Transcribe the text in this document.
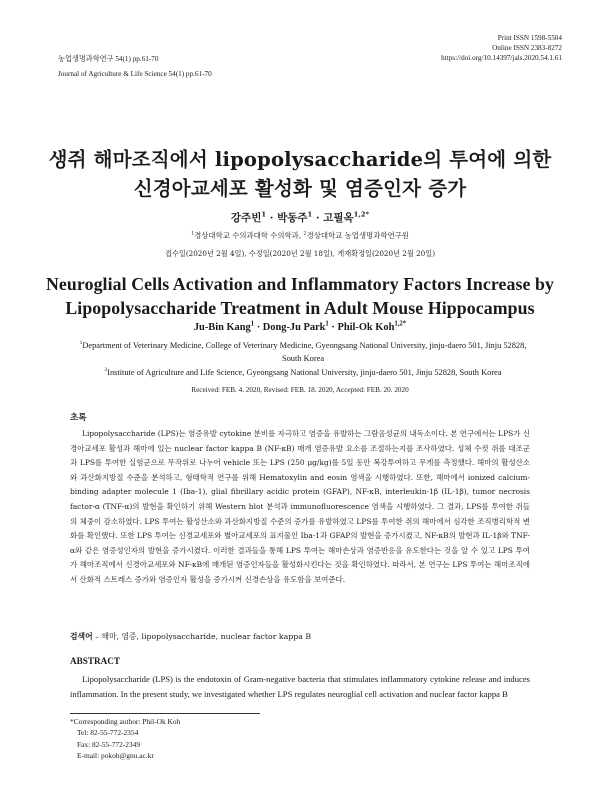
Print ISSN 1598-5504
Online ISSN 2383-8272
https://doi.org/10.14397/jals.2020.54.1.61
농업생명과학연구 54(1) pp.61-70
Journal of Agriculture & Life Science 54(1) pp.61-70
생쥐 해마조직에서 lipopolysaccharide의 투여에 의한
신경아교세포 활성화 및 염증인자 증가
강주빈$^1$ · 박동주$^1$ · 고필옥$^{1,2*}$
$^1$경상대학교 수의과대학 수의학과, $^2$경상대학교 농업생명과학연구원
접수일(2020년 2월 4일), 수정일(2020년 2월 18일), 게재확정일(2020년 2월 20일)
Neuroglial Cells Activation and Inflammatory Factors Increase by
Lipopolysaccharide Treatment in Adult Mouse Hippocampus
Ju-Bin Kang$^1$ · Dong-Ju Park$^1$ · Phil-Ok Koh$^{1,2*}$
$^1$Department of Veterinary Medicine, College of Veterinary Medicine, Gyeongsang National University, jinju-daero 501, Jinju 52828, South Korea
$^2$Institute of Agriculture and Life Science, Gyeongsang National University, jinju-daero 501, Jinju 52828, South Korea
Received: FEB. 4. 2020, Revised: FEB. 18. 2020, Accepted: FEB. 20. 2020
초록
Lipopolysaccharide (LPS)는 염증유발 cytokine 분비를 자극하고 염증을 유발하는 그람음성균의 내독소이다. 본 연구에서는 LPS가 신경아교세포 활성과 해마에 있는 nuclear factor kappa B (NF-κB) 매개 염증유발 요소를 조절하는지를 조사하였다. 성체 수컷 쥐를 대조군과 LPS를 투여한 실험군으로 무작위로 나누어 vehicle 또는 LPS (250 μg/kg)를 5일 동안 복강투여하고 무게를 측정했다. 해마의 활성산소와 과산화지방질 수준을 분석하고, 형태학적 연구를 위해 Hematoxylin and eosin 염색을 시행하였다. 또한, 해마에서 ionized calcium-binding adapter molecule 1 (Iba-1), glial fibrillary acidic protein (GFAP), NF-κB, interleukin-1β (IL-1β), tumor necrosis factor-α (TNF-α)의 발현을 확인하기 위해 Western blot 분석과 immunofluorescence 염색을 시행하였다. 그 결과, LPS를 투여한 쥐들의 체중이 감소하였다. LPS 투여는 활성산소와 과산화지방질 수준의 증가를 유발하였고 LPS를 투여한 쥐의 해마에서 심각한 조직병리학적 변화를 확인했다. 또한 LPS 투여는 신경교세포와 별아교세포의 표지물인 Iba-1과 GFAP의 발현을 증가시켰고, NF-κB의 발현과 IL-1β와 TNF-α와 같은 염증성인자의 발현을 증가시켰다. 이러한 결과들을 통해 LPS 투여는 해마손상과 염증반응을 유도한다는 것을 알 수 있고 LPS 투여가 해마조직에서 신경아교세포와 NF-κB에 매개된 염증인자들을 활성화시킨다는 것을 확인하였다. 따라서, 본 연구는 LPS 투여는 해마조직에서 산화적 스트레스 증가와 염증인자 활성을 증가시켜 신경손상을 유도함을 보여준다.
검색어 – 해마, 염증, lipopolysaccharide, nuclear factor kappa B
ABSTRACT
Lipopolysaccharide (LPS) is the endotoxin of Gram-negative bacteria that stimulates inflammatory cytokine release and induces inflammation. In the present study, we investigated whether LPS regulates neuroglial cell activation and nuclear factor kappa B
*Corresponding author: Phil-Ok Koh
Tel: 82-55-772-2354
Fax: 82-55-772-2349
E-mail: pokoh@gnu.ac.kr
